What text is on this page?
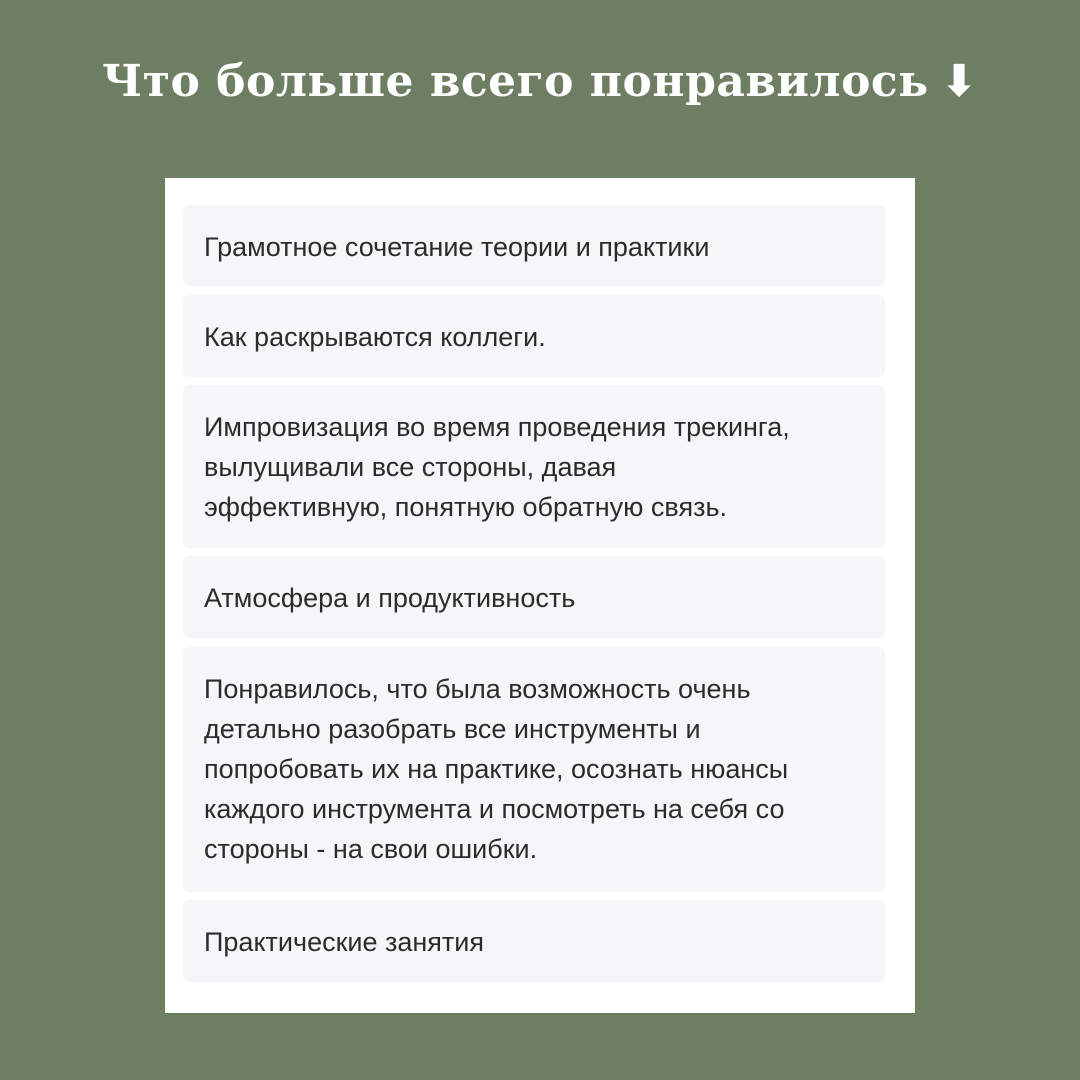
Что больше всего понравилось ⬇

Грамотное сочетание теории и практики

Как раскрываются коллеги.

Импровизация во время проведения трекинга,
вылущивали все стороны, давая
эффективную, понятную обратную связь.

Атмосфера и продуктивность

Понравилось, что была возможность очень
детально разобрать все инструменты и
попробовать их на практике, осознать нюансы
каждого инструмента и посмотреть на себя со
стороны - на свои ошибки.

Практические занятия
